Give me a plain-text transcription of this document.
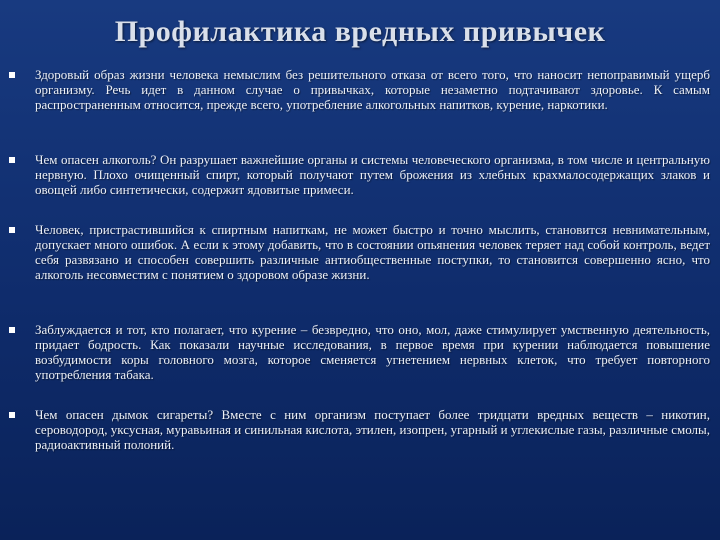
Профилактика вредных привычек
Здоровый образ жизни человека немыслим без решительного отказа от всего того, что наносит непоправимый ущерб организму. Речь идет в данном случае о привычках, которые незаметно подтачивают здоровье. К самым распространенным относится, прежде всего, употребление алкогольных напитков, курение, наркотики.
Чем опасен алкоголь? Он разрушает важнейшие органы и системы человеческого организма, в том числе и центральную нервную. Плохо очищенный спирт, который получают путем брожения из хлебных крахмалосодержащих злаков и овощей либо синтетически, содержит ядовитые примеси.
Человек, пристрастившийся к спиртным напиткам, не может быстро и точно мыслить, становится невнимательным, допускает много ошибок. А если к этому добавить, что в состоянии опьянения человек теряет над собой контроль, ведет себя развязано и способен совершить различные антиобщественные поступки, то становится совершенно ясно, что алкоголь несовместим с понятием о здоровом образе жизни.
Заблуждается и тот, кто полагает, что курение – безвредно, что оно, мол, даже стимулирует умственную деятельность, придает бодрость. Как показали научные исследования, в первое время при курении наблюдается повышение возбудимости коры головного мозга, которое сменяется угнетением нервных клеток, что требует повторного употребления табака.
Чем опасен дымок сигареты? Вместе с ним организм поступает более тридцати вредных веществ – никотин, сероводород, уксусная, муравьиная и синильная кислота, этилен, изопрен, угарный и углекислые газы, различные смолы, радиоактивный полоний.
